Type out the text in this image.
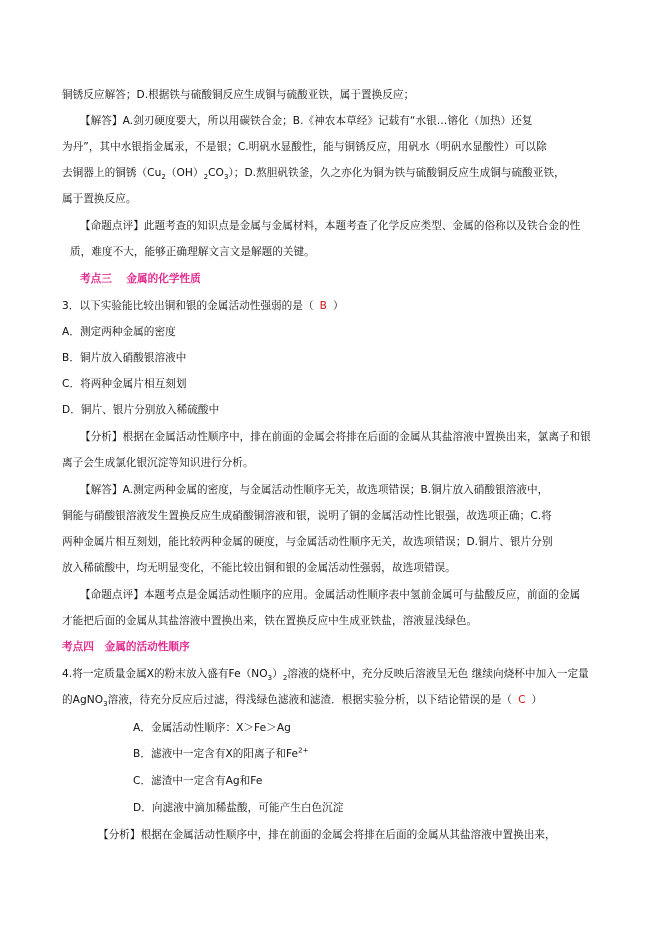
铜锈反应解答；D.根据铁与硫酸铜反应生成铜与硫酸亚铁，属于置换反应；
【解答】A.剑刃硬度要大，所以用碳铁合金；B.《神农本草经》记载有“水银…镕化（加热）还复
为丹”，其中水银指金属汞，不是银；C.明矾水显酸性，能与铜锈反应，用矾水（明矾水显酸性）可以除
去铜器上的铜锈$(Cu_2(OH)_2CO_3)$；D.熬胆矾铁釜，久之亦化为铜为铁与硫酸铜反应生成铜与硫酸亚铁，
属于置换反应。
【命题点评】此题考查的知识点是金属与金属材料，本题考查了化学反应类型、金属的俗称以及铁合金的性
质，难度不大，能够正确理解文言文是解题的关键。
考点三　 金属的化学性质
3．以下实验能比较出铜和银的金属活动性强弱的是（ B ）
A．测定两种金属的密度
B．铜片放入硝酸银溶液中
C．将两种金属片相互刻划
D．铜片、银片分别放入稀硫酸中
【分析】根据在金属活动性顺序中，排在前面的金属会将排在后面的金属从其盐溶液中置换出来，氯离子和银
离子会生成氯化银沉淀等知识进行分析。
【解答】A.测定两种金属的密度，与金属活动性顺序无关，故选项错误；B.铜片放入硝酸银溶液中，
铜能与硝酸银溶液发生置换反应生成硝酸铜溶液和银，说明了铜的金属活动性比银强，故选项正确；C.将
两种金属片相互刻划，能比较两种金属的硬度，与金属活动性顺序无关，故选项错误；D.铜片、银片分别
放入稀硫酸中，均无明显变化，不能比较出铜和银的金属活动性强弱，故选项错误。
【命题点评】本题考点是金属活动性顺序的应用。金属活动性顺序表中氢前金属可与盐酸反应，前面的金属
才能把后面的金属从其盐溶液中置换出来，铁在置换反应中生成亚铁盐，溶液显浅绿色。
考点四　金属的活动性顺序
4.将一定质量金属X的粉末放入盛有$Fe(NO_3)_2$溶液的烧杯中，充分反映后溶液呈无色 继续向烧杯中加入一定量
的AgNO$_3$溶液，待充分反应后过滤，得浅绿色滤液和滤渣．根据实验分析，以下结论错误的是（ C ）
A．金属活动性顺序：X＞Fe＞Ag
B．滤液中一定含有X的阳离子和$Fe^{2+}$
C．滤渣中一定含有Ag和Fe
D．向滤液中滴加稀盐酸，可能产生白色沉淀
【分析】根据在金属活动性顺序中，排在前面的金属会将排在后面的金属从其盐溶液中置换出来，
